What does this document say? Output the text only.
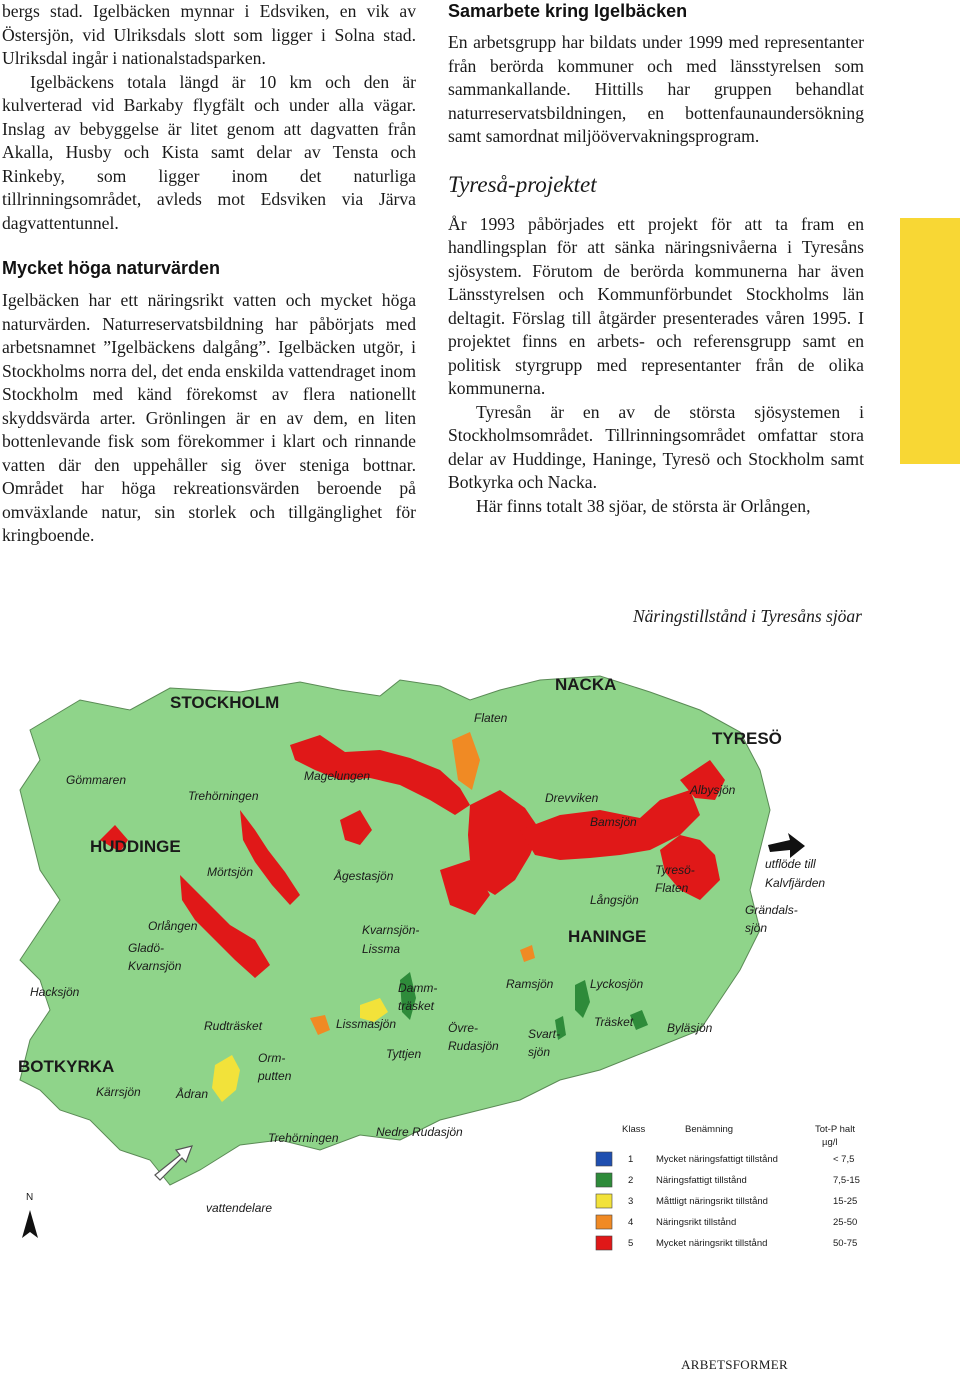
bergs stad. Igelbäcken mynnar i Edsviken, en vik av Östersjön, vid Ulriksdals slott som ligger i Solna stad. Ulriksdal ingår i nationalstadsparken.

Igelbäckens totala längd är 10 km och den är kulverterad vid Barkaby flygfält och under alla vägar. Inslag av bebyggelse är litet genom att dagvatten från Akalla, Husby och Kista samt delar av Tensta och Rinkeby, som ligger inom det naturliga tillrinningsområdet, avleds mot Edsviken via Järva dagvattentunnel.

Mycket höga naturvärden

Igelbäcken har ett näringsrikt vatten och mycket höga naturvärden. Naturreservatsbildning har påbörjats med arbetsnamnet ”Igelbäckens dalgång”. Igelbäcken utgör, i Stockholms norra del, det enda enskilda vattendraget inom Stockholm med känd förekomst av flera nationellt skyddsvärda arter. Grönlingen är en av dem, en liten bottenlevande fisk som förekommer i klart och rinnande vatten där den uppehåller sig över steniga bottnar. Området har höga rekreationsvärden beroende på omväxlande natur, sin storlek och tillgänglighet för kringboende.

Samarbete kring Igelbäcken

En arbetsgrupp har bildats under 1999 med representanter från berörda kommuner och med länsstyrelsen som sammankallande. Hittills har gruppen behandlat naturreservatsbildningen, en bottenfaunaundersökning samt samordnat miljöövervakningsprogram.

Tyreså-projektet

År 1993 påbörjades ett projekt för att ta fram en handlingsplan för att sänka näringsnivåerna i Tyresåns sjösystem. Förutom de berörda kommunerna har även Länsstyrelsen och Kommunförbundet Stockholms län deltagit. Förslag till åtgärder presenterades våren 1995. I projektet finns en arbets- och referensgrupp samt en politisk styrgrupp med representanter från de olika kommunerna.

Tyresån är en av de största sjösystemen i Stockholmsområdet. Tillrinningsområdet omfattar stora delar av Huddinge, Haninge, Tyresö och Stockholm samt Botkyrka och Nacka.

Här finns totalt 38 sjöar, de största är Orlången,

Näringstillstånd i Tyresåns sjöar
N
STOCKHOLM
NACKA
TYRESÖ
HUDDINGE
HANINGE
BOTKYRKA
Flaten
Gömmaren
Trehörningen
Magelungen
Drevviken
Albysjön
Bamsjön
Mörtsjön	Ågestasjön	Tyresö-
Flaten
Långsjön
Orlången
Gladö-
Kvarnsjön
Kvarnsjön-
Lissma
Grändals-
sjön
Hacksjön	Damm-
träsket
Ramsjön	Lyckosjön
Rudträsket	Lissmasjön	Övre-
Rudasjön
Svart-
sjön
Träsket	Byläsjön
Orm-
putten
Tyttjen
Kärrsjön	Ådran
Trehörningen	Nedre Rudasjön
utflöde till
Kalvfjärden
vattendelare
Klass	Benämning	Tot-P halt
µg/l
1 Mycket näringsfattigt tillstånd	< 7,5
2 Näringsfattigt tillstånd	7,5-15
3 Måttligt näringsrikt tillstånd	15-25
4 Näringsrikt tillstånd	25-50
5 Mycket näringsrikt tillstånd	50-75
ARBETSFORMER
